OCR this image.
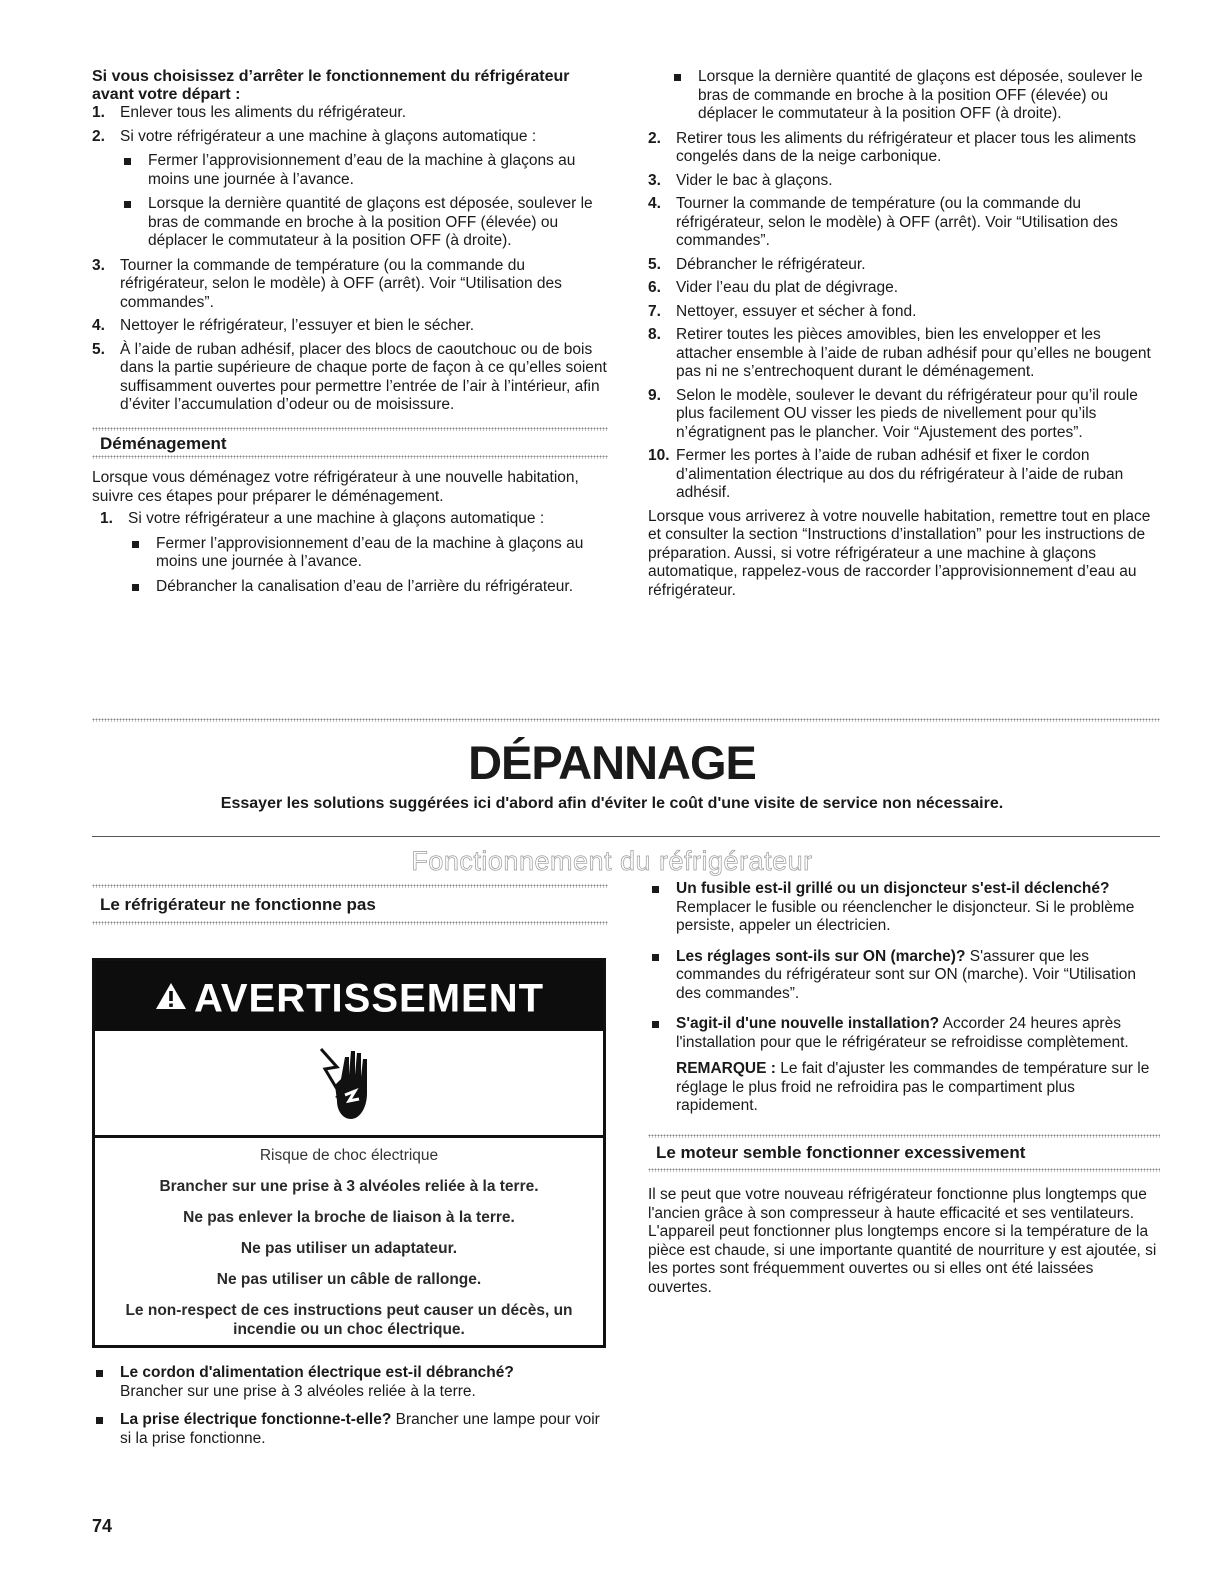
Si vous choisissez d’arrêter le fonctionnement du réfrigérateur avant votre départ :

1. Enlever tous les aliments du réfrigérateur.
2. Si votre réfrigérateur a une machine à glaçons automatique :
Fermer l’approvisionnement d’eau de la machine à glaçons au moins une journée à l’avance.
Lorsque la dernière quantité de glaçons est déposée, soulever le bras de commande en broche à la position OFF (élevée) ou déplacer le commutateur à la position OFF (à droite).
3. Tourner la commande de température (ou la commande du réfrigérateur, selon le modèle) à OFF (arrêt). Voir “Utilisation des commandes”.
4. Nettoyer le réfrigérateur, l’essuyer et bien le sécher.
5. À l’aide de ruban adhésif, placer des blocs de caoutchouc ou de bois dans la partie supérieure de chaque porte de façon à ce qu’elles soient suffisamment ouvertes pour permettre l’entrée de l’air à l’intérieur, afin d’éviter l’accumulation d’odeur ou de moisissure.
Déménagement

Lorsque vous déménagez votre réfrigérateur à une nouvelle habitation, suivre ces étapes pour préparer le déménagement.

1. Si votre réfrigérateur a une machine à glaçons automatique :
Fermer l’approvisionnement d’eau de la machine à glaçons au moins une journée à l’avance.
Débrancher la canalisation d’eau de l’arrière du réfrigérateur.
Lorsque la dernière quantité de glaçons est déposée, soulever le bras de commande en broche à la position OFF (élevée) ou déplacer le commutateur à la position OFF (à droite).
2. Retirer tous les aliments du réfrigérateur et placer tous les aliments congelés dans de la neige carbonique.
3. Vider le bac à glaçons.
4. Tourner la commande de température (ou la commande du réfrigérateur, selon le modèle) à OFF (arrêt). Voir “Utilisation des commandes”.
5. Débrancher le réfrigérateur.
6. Vider l’eau du plat de dégivrage.
7. Nettoyer, essuyer et sécher à fond.
8. Retirer toutes les pièces amovibles, bien les envelopper et les attacher ensemble à l’aide de ruban adhésif pour qu’elles ne bougent pas ni ne s’entrechoquent durant le déménagement.
9. Selon le modèle, soulever le devant du réfrigérateur pour qu’il roule plus facilement OU visser les pieds de nivellement pour qu’ils n’égratignent pas le plancher. Voir “Ajustement des portes”.
10. Fermer les portes à l’aide de ruban adhésif et fixer le cordon d’alimentation électrique au dos du réfrigérateur à l’aide de ruban adhésif.

Lorsque vous arriverez à votre nouvelle habitation, remettre tout en place et consulter la section “Instructions d’installation” pour les instructions de préparation. Aussi, si votre réfrigérateur a une machine à glaçons automatique, rappelez-vous de raccorder l’approvisionnement d’eau au réfrigérateur.

DÉPANNAGE

Essayer les solutions suggérées ici d'abord afin d'éviter le coût d'une visite de service non nécessaire.

Fonctionnement du réfrigérateur

Le réfrigérateur ne fonctionne pas
AVERTISSEMENT
Risque de choc électrique
Brancher sur une prise à 3 alvéoles reliée à la terre.
Ne pas enlever la broche de liaison à la terre.
Ne pas utiliser un adaptateur.
Ne pas utiliser un câble de rallonge.
Le non-respect de ces instructions peut causer un décès, un incendie ou un choc électrique.
Le cordon d'alimentation électrique est-il débranché?
Brancher sur une prise à 3 alvéoles reliée à la terre.
La prise électrique fonctionne-t-elle? Brancher une lampe pour voir si la prise fonctionne.
Un fusible est-il grillé ou un disjoncteur s'est-il déclenché? Remplacer le fusible ou réenclencher le disjoncteur. Si le problème persiste, appeler un électricien.
Les réglages sont-ils sur ON (marche)? S'assurer que les commandes du réfrigérateur sont sur ON (marche). Voir “Utilisation des commandes”.
S'agit-il d'une nouvelle installation? Accorder 24 heures après l'installation pour que le réfrigérateur se refroidisse complètement.

REMARQUE : Le fait d'ajuster les commandes de température sur le réglage le plus froid ne refroidira pas le compartiment plus rapidement.

Le moteur semble fonctionner excessivement

Il se peut que votre nouveau réfrigérateur fonctionne plus longtemps que l'ancien grâce à son compresseur à haute efficacité et ses ventilateurs. L'appareil peut fonctionner plus longtemps encore si la température de la pièce est chaude, si une importante quantité de nourriture y est ajoutée, si les portes sont fréquemment ouvertes ou si elles ont été laissées ouvertes.

74
